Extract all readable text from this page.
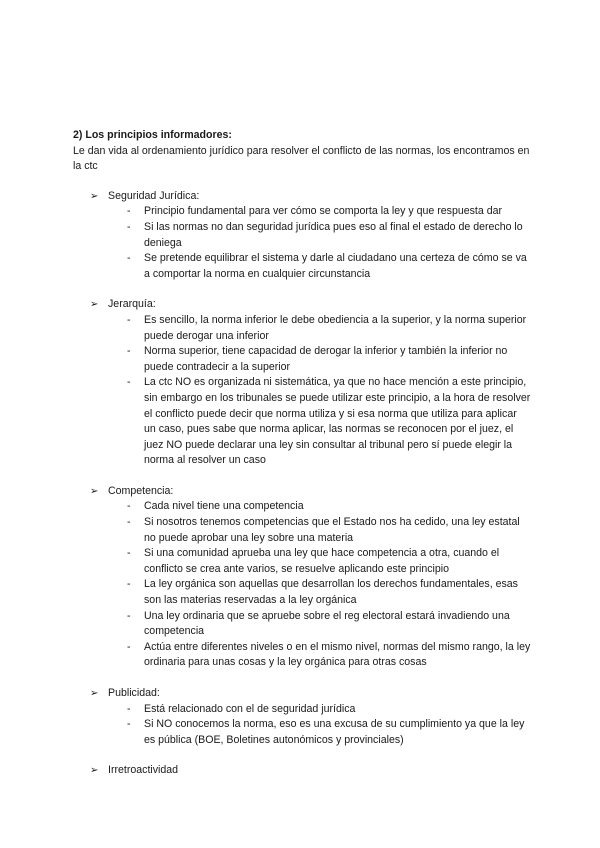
2) Los principios informadores:

Le dan vida al ordenamiento jurídico para resolver el conflicto de las normas, los encontramos en la ctc

➢ Seguridad Jurídica:
- Principio fundamental para ver cómo se comporta la ley y que respuesta dar
- Si las normas no dan seguridad jurídica pues eso al final el estado de derecho lo deniega
- Se pretende equilibrar el sistema y darle al ciudadano una certeza de cómo se va a comportar la norma en cualquier circunstancia
➢ Jerarquía:
- Es sencillo, la norma inferior le debe obediencia a la superior, y la norma superior puede derogar una inferior
- Norma superior, tiene capacidad de derogar la inferior y también la inferior no puede contradecir a la superior
- La ctc NO es organizada ni sistemática, ya que no hace mención a este principio, sin embargo en los tribunales se puede utilizar este principio, a la hora de resolver el conflicto puede decir que norma utiliza y si esa norma que utiliza para aplicar un caso, pues sabe que norma aplicar, las normas se reconocen por el juez, el juez NO puede declarar una ley sin consultar al tribunal pero sí puede elegir la norma al resolver un caso
➢ Competencia:
- Cada nivel tiene una competencia
- Si nosotros tenemos competencias que el Estado nos ha cedido, una ley estatal no puede aprobar una ley sobre una materia
- Si una comunidad aprueba una ley que hace competencia a otra, cuando el conflicto se crea ante varios, se resuelve aplicando este principio
- La ley orgánica son aquellas que desarrollan los derechos fundamentales, esas son las materias reservadas a la ley orgánica
- Una ley ordinaria que se apruebe sobre el reg electoral estará invadiendo una competencia
- Actúa entre diferentes niveles o en el mismo nivel, normas del mismo rango, la ley ordinaria para unas cosas y la ley orgánica para otras cosas
➢ Publicidad:
- Está relacionado con el de seguridad jurídica
- Si NO conocemos la norma, eso es una excusa de su cumplimiento ya que la ley es pública (BOE, Boletines autonómicos y provinciales)
➢ Irretroactividad
